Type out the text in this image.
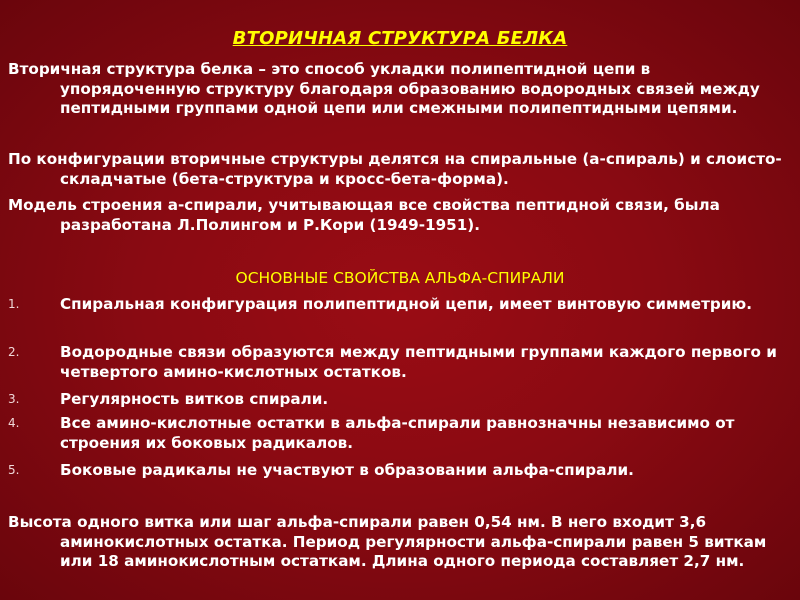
ВТОРИЧНАЯ СТРУКТУРА БЕЛКА
Вторичная структура белка – это способ укладки полипептидной цепи в упорядоченную структуру благодаря образованию водородных связей между пептидными группами одной цепи или смежными полипептидными цепями.
По конфигурации вторичные структуры делятся на спиральные (а-спираль) и слоисто-складчатые (бета-структура и кросс-бета-форма).
Модель строения а-спирали, учитывающая все свойства пептидной связи, была разработана Л.Полингом и Р.Кори (1949-1951).
ОСНОВНЫЕ СВОЙСТВА АЛЬФА-СПИРАЛИ
1.	Спиральная конфигурация полипептидной цепи, имеет винтовую симметрию.
2.	Водородные связи образуются между пептидными группами каждого первого и четвертого амино-кислотных остатков.
3.	Регулярность витков спирали.
4.	Все амино-кислотные остатки в альфа-спирали равнозначны независимо от строения их боковых радикалов.
5.	Боковые радикалы не участвуют в образовании альфа-спирали.
Высота одного витка или шаг альфа-спирали равен 0,54 нм. В него входит 3,6 аминокислотных остатка. Период регулярности альфа-спирали равен 5 виткам или 18 аминокислотным остаткам. Длина одного периода составляет 2,7 нм.
